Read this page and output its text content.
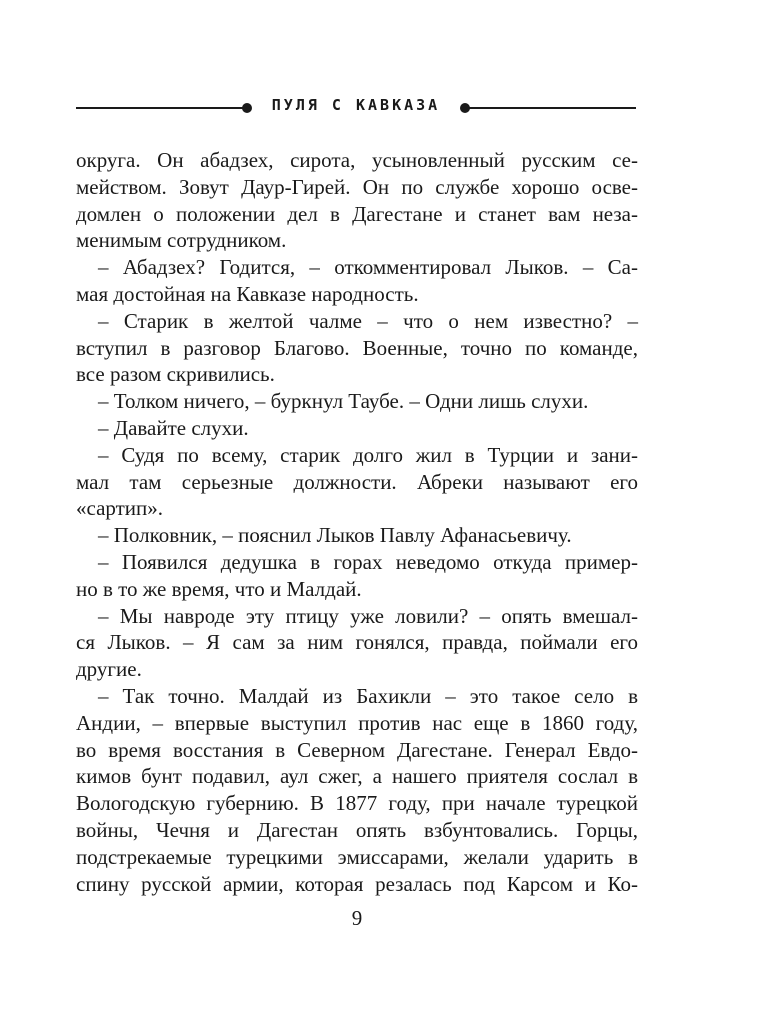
ПУЛЯ С КАВКАЗА
округа. Он абадзех, сирота, усыновленный русским се-
мейством. Зовут Даур-Гирей. Он по службе хорошо осве-
домлен о положении дел в Дагестане и станет вам неза-
менимым сотрудником.
– Абадзех? Годится, – откомментировал Лыков. – Са-
мая достойная на Кавказе народность.
– Старик в желтой чалме – что о нем известно? –
вступил в разговор Благово. Военные, точно по команде,
все разом скривились.
– Толком ничего, – буркнул Таубе. – Одни лишь слухи.
– Давайте слухи.
– Судя по всему, старик долго жил в Турции и зани-
мал там серьезные должности. Абреки называют его
«сартип».
– Полковник, – пояснил Лыков Павлу Афанасьевичу.
– Появился дедушка в горах неведомо откуда пример-
но в то же время, что и Малдай.
– Мы навроде эту птицу уже ловили? – опять вмешал-
ся Лыков. – Я сам за ним гонялся, правда, поймали его
другие.
– Так точно. Малдай из Бахикли – это такое село в
Андии, – впервые выступил против нас еще в 1860 году,
во время восстания в Северном Дагестане. Генерал Евдо-
кимов бунт подавил, аул сжег, а нашего приятеля сослал в
Вологодскую губернию. В 1877 году, при начале турецкой
войны, Чечня и Дагестан опять взбунтовались. Горцы,
подстрекаемые турецкими эмиссарами, желали ударить в
спину русской армии, которая резалась под Карсом и Ко-
9
